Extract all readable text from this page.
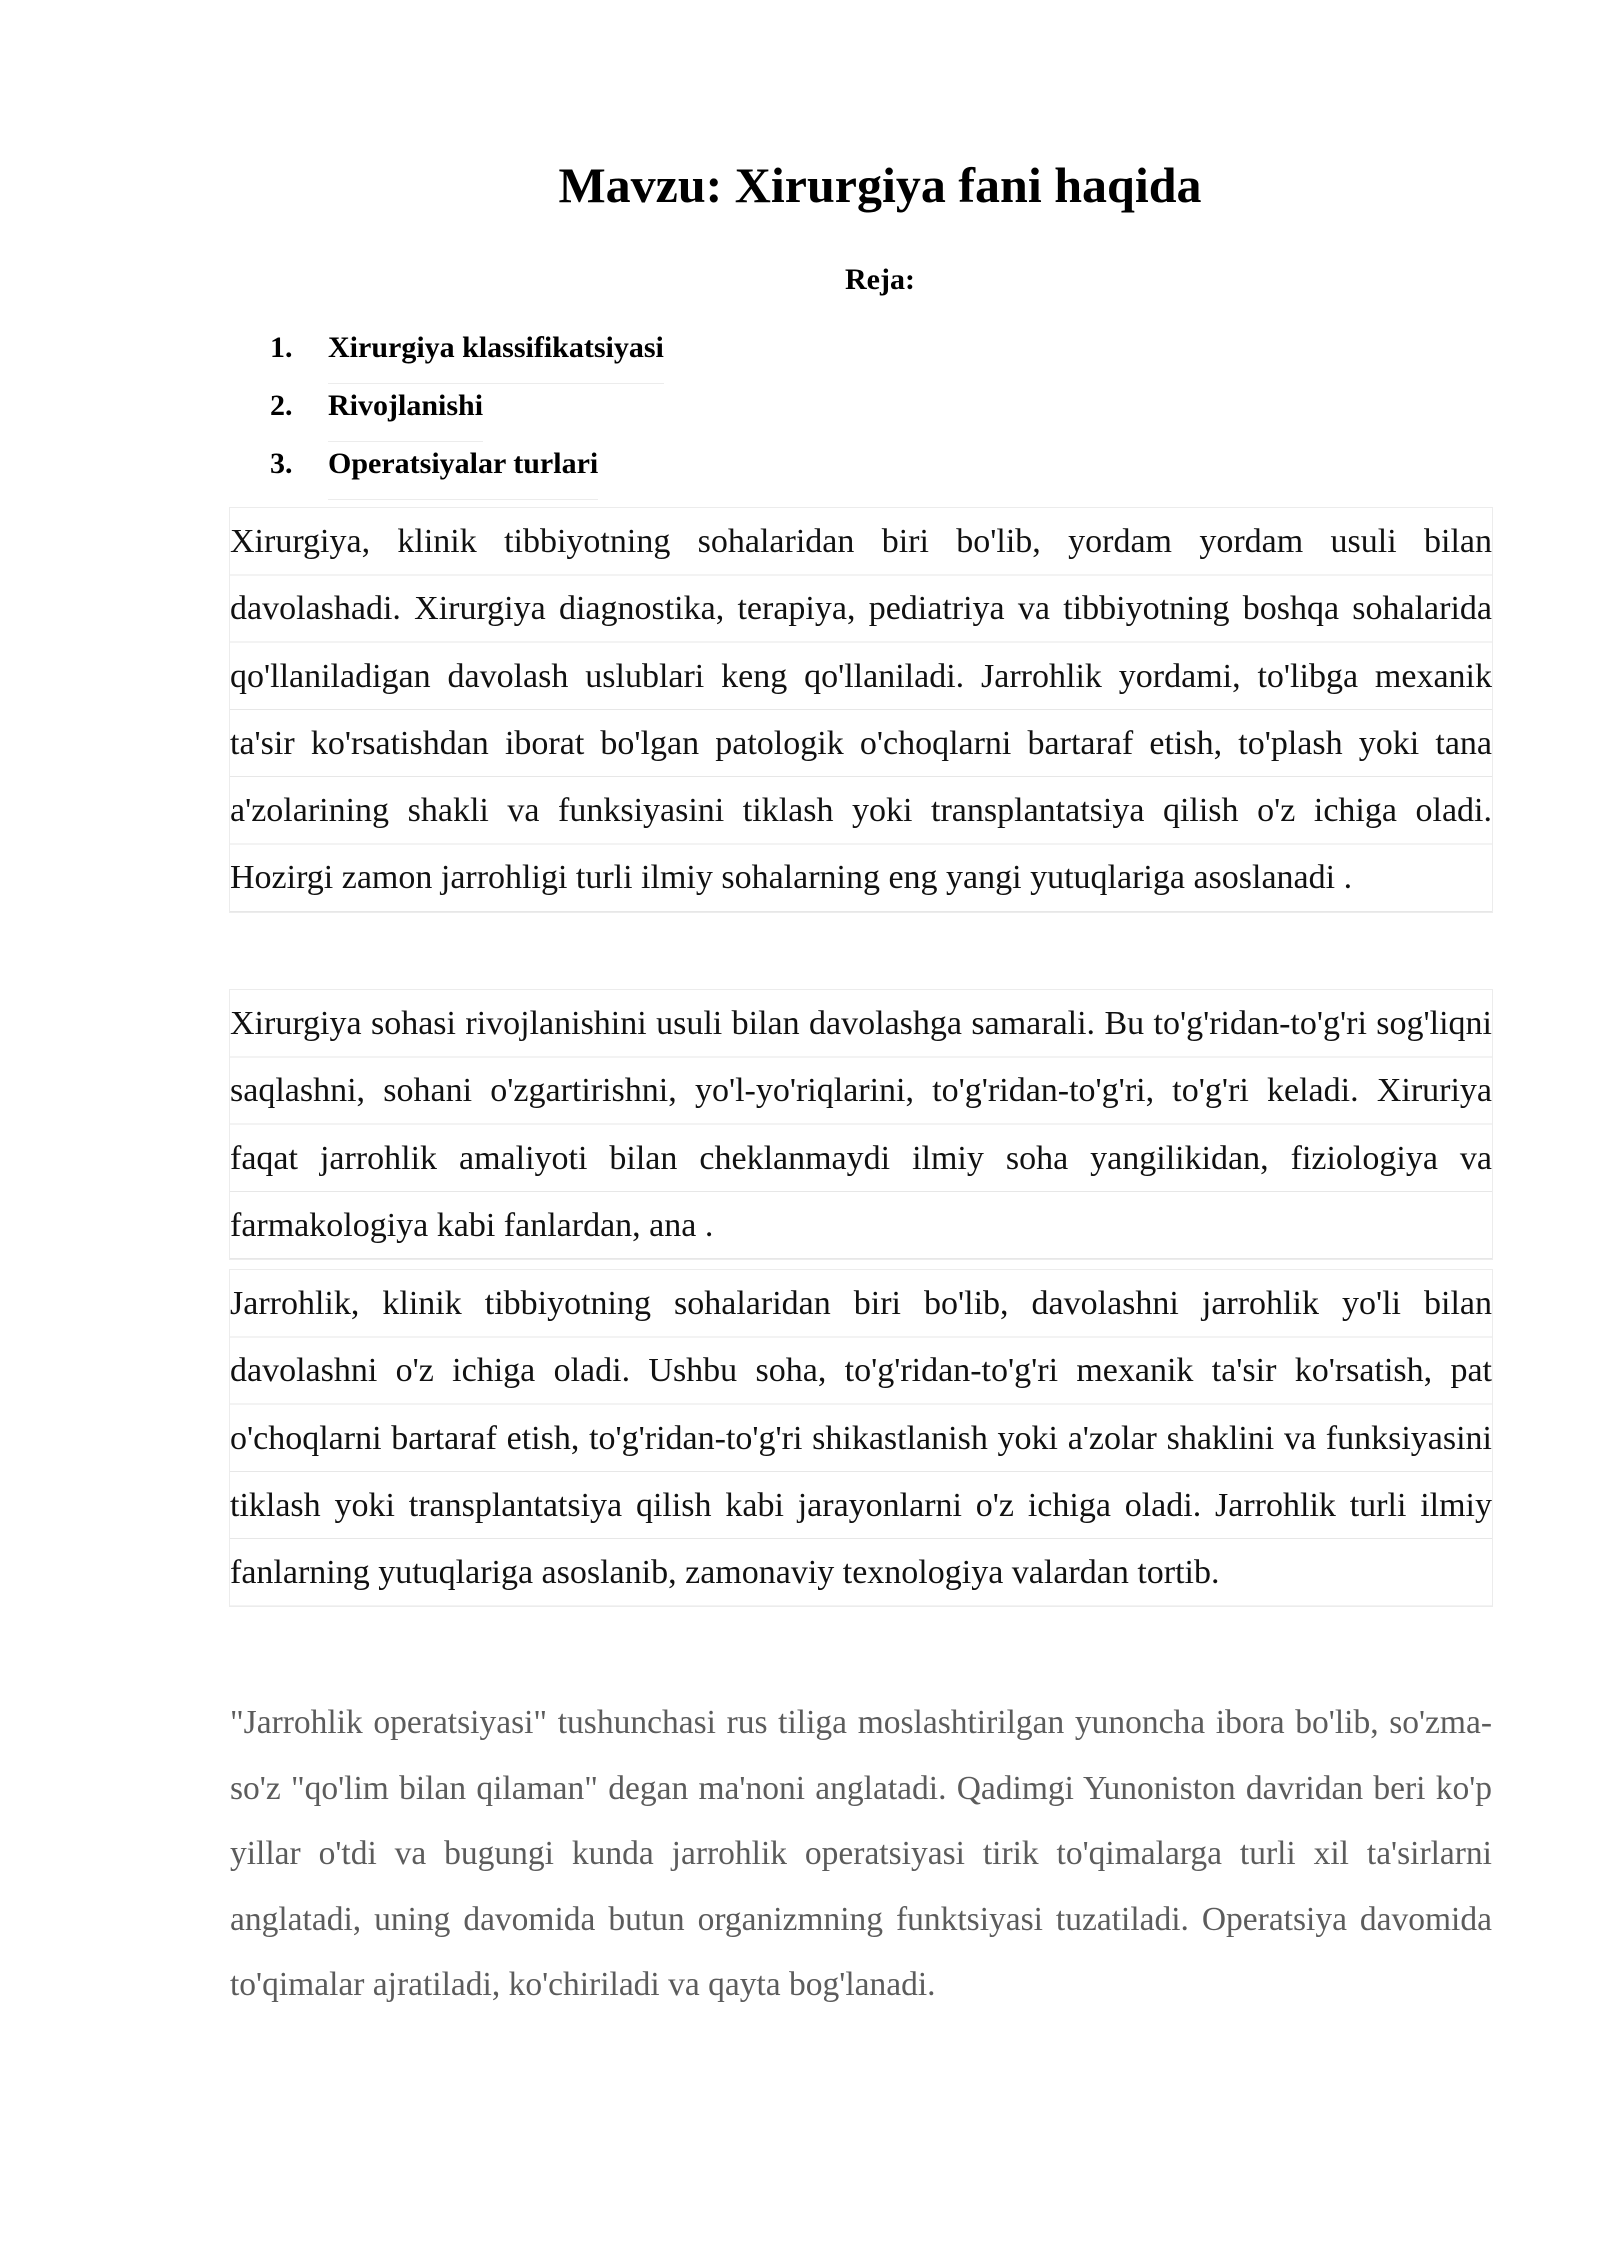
Mavzu: Xirurgiya fani haqida
Reja:
1.	Xirurgiya klassifikatsiyasi
2.	Rivojlanishi
3.	Operatsiyalar turlari

Xirurgiya, klinik tibbiyotning sohalaridan biri bo'lib, yordam yordam usuli bilan davolashadi. Xirurgiya diagnostika, terapiya, pediatriya va tibbiyotning boshqa sohalarida qo'llaniladigan davolash uslublari keng qo'llaniladi. Jarrohlik yordami, to'libga mexanik ta'sir ko'rsatishdan iborat bo'lgan patologik o'choqlarni bartaraf etish, to'plash yoki tana a'zolarining shakli va funksiyasini tiklash yoki transplantatsiya qilish o'z ichiga oladi. Hozirgi zamon jarrohligi turli ilmiy sohalarning eng yangi yutuqlariga asoslanadi .

Xirurgiya sohasi rivojlanishini usuli bilan davolashga samarali. Bu to'g'ridan-to'g'ri sog'liqni saqlashni, sohani o'zgartirishni, yo'l-yo'riqlarini, to'g'ridan-to'g'ri, to'g'ri keladi. Xiruriya faqat jarrohlik amaliyoti bilan cheklanmaydi ilmiy soha yangilikidan, fiziologiya va farmakologiya kabi fanlardan, ana .

Jarrohlik, klinik tibbiyotning sohalaridan biri bo'lib, davolashni jarrohlik yo'li bilan davolashni o'z ichiga oladi. Ushbu soha, to'g'ridan-to'g'ri mexanik ta'sir ko'rsatish, pat o'choqlarni bartaraf etish, to'g'ridan-to'g'ri shikastlanish yoki a'zolar shaklini va funksiyasini tiklash yoki transplantatsiya qilish kabi jarayonlarni o'z ichiga oladi. Jarrohlik turli ilmiy fanlarning yutuqlariga asoslanib, zamonaviy texnologiya valardan tortib.

"Jarrohlik operatsiyasi" tushunchasi rus tiliga moslashtirilgan yunoncha ibora bo'lib, so'zma-so'z "qo'lim bilan qilaman" degan ma'noni anglatadi. Qadimgi Yunoniston davridan beri ko'p yillar o'tdi va bugungi kunda jarrohlik operatsiyasi tirik to'qimalarga turli xil ta'sirlarni anglatadi, uning davomida butun organizmning funktsiyasi tuzatiladi. Operatsiya davomida to'qimalar ajratiladi, ko'chiriladi va qayta bog'lanadi.
